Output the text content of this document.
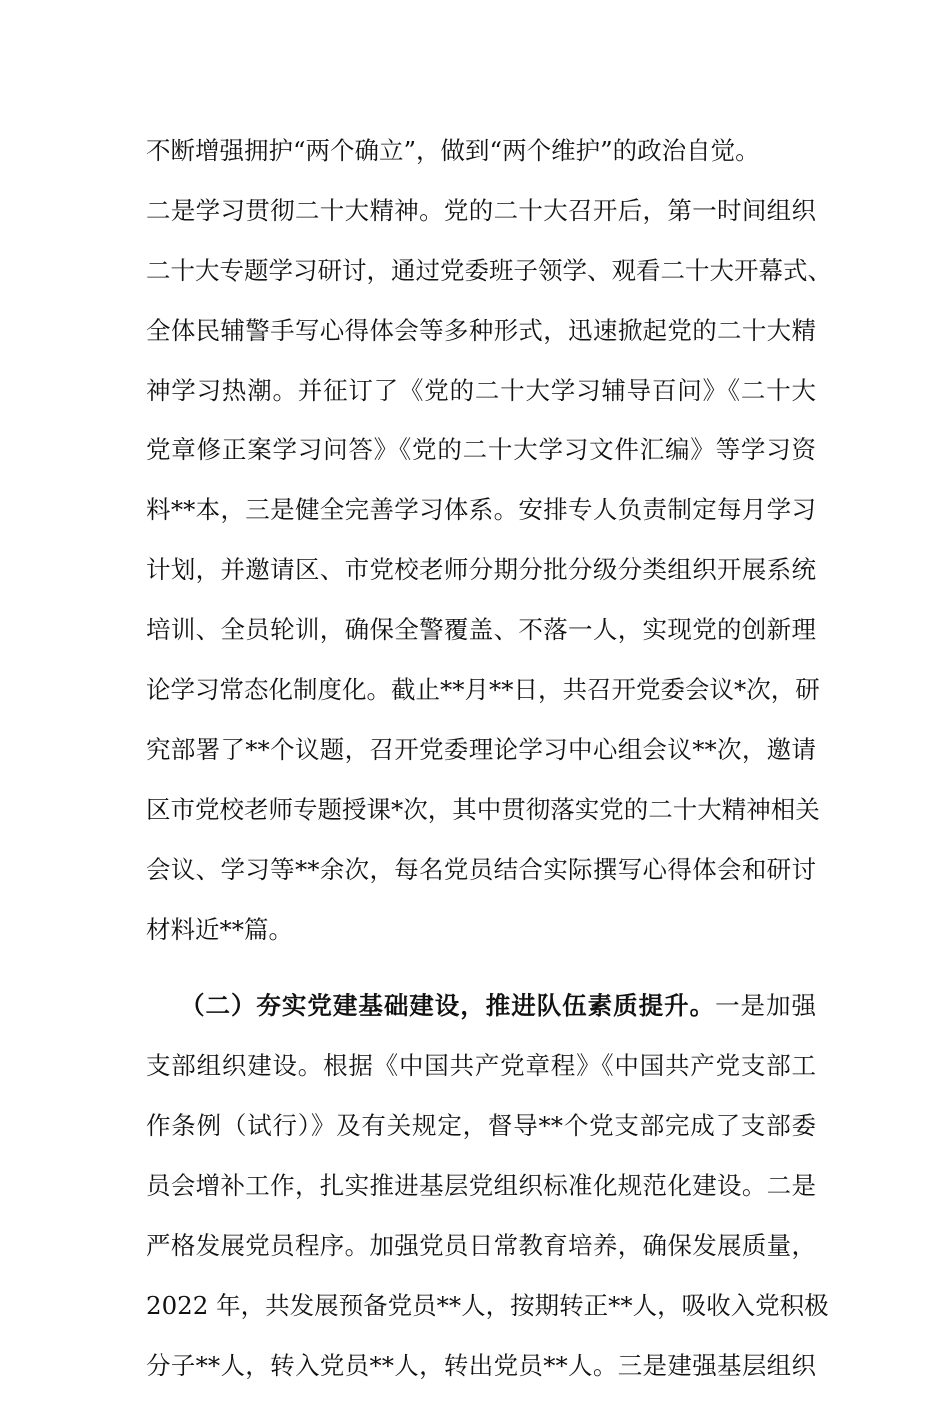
不断增强拥护“两个确立”，做到“两个维护”的政治自觉。
二是学习贯彻二十大精神。党的二十大召开后，第一时间组织
二十大专题学习研讨，通过党委班子领学、观看二十大开幕式、
全体民辅警手写心得体会等多种形式，迅速掀起党的二十大精
神学习热潮。并征订了《党的二十大学习辅导百问》《二十大
党章修正案学习问答》《党的二十大学习文件汇编》等学习资
料**本，三是健全完善学习体系。安排专人负责制定每月学习
计划，并邀请区、市党校老师分期分批分级分类组织开展系统
培训、全员轮训，确保全警覆盖、不落一人，实现党的创新理
论学习常态化制度化。截止**月**日，共召开党委会议*次，研
究部署了**个议题，召开党委理论学习中心组会议**次，邀请
区市党校老师专题授课*次，其中贯彻落实党的二十大精神相关
会议、学习等**余次，每名党员结合实际撰写心得体会和研讨
材料近**篇。
（二）夯实党建基础建设，推进队伍素质提升。一是加强
支部组织建设。根据《中国共产党章程》《中国共产党支部工
作条例（试行）》及有关规定，督导**个党支部完成了支部委
员会增补工作，扎实推进基层党组织标准化规范化建设。二是
严格发展党员程序。加强党员日常教育培养，确保发展质量，
2022 年，共发展预备党员**人，按期转正**人，吸收入党积极
分子**人，转入党员**人，转出党员**人。三是建强基层组织
